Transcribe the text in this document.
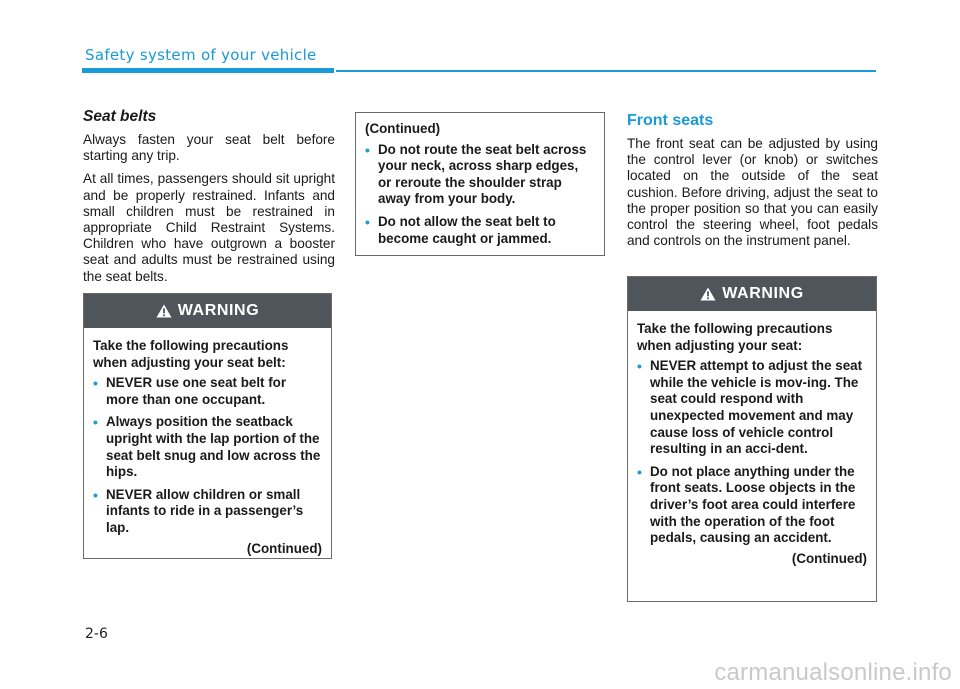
Safety system of your vehicle
Seat belts

Always fasten your seat belt before starting any trip.

At all times, passengers should sit upright and be properly restrained. Infants and small children must be restrained in appropriate Child Restraint Systems. Children who have outgrown a booster seat and adults must be restrained using the seat belts.

WARNING

Take the following precautions when adjusting your seat belt:

• NEVER use one seat belt for more than one occupant.
• Always position the seatback upright with the lap portion of the seat belt snug and low across the hips.
• NEVER allow children or small infants to ride in a passenger’s lap.
(Continued)

(Continued)

• Do not route the seat belt across your neck, across sharp edges, or reroute the shoulder strap away from your body.
• Do not allow the seat belt to become caught or jammed.
Front seats

The front seat can be adjusted by using the control lever (or knob) or switches located on the outside of the seat cushion. Before driving, adjust the seat to the proper position so that you can easily control the steering wheel, foot pedals and controls on the instrument panel.

WARNING

Take the following precautions when adjusting your seat:

• NEVER attempt to adjust the seat while the vehicle is mov-ing. The seat could respond with unexpected movement and may cause loss of vehicle control resulting in an acci-dent.
• Do not place anything under the front seats. Loose objects in the driver’s foot area could interfere with the operation of the foot pedals, causing an accident.
(Continued)
2-6
carmanualsonline.info
